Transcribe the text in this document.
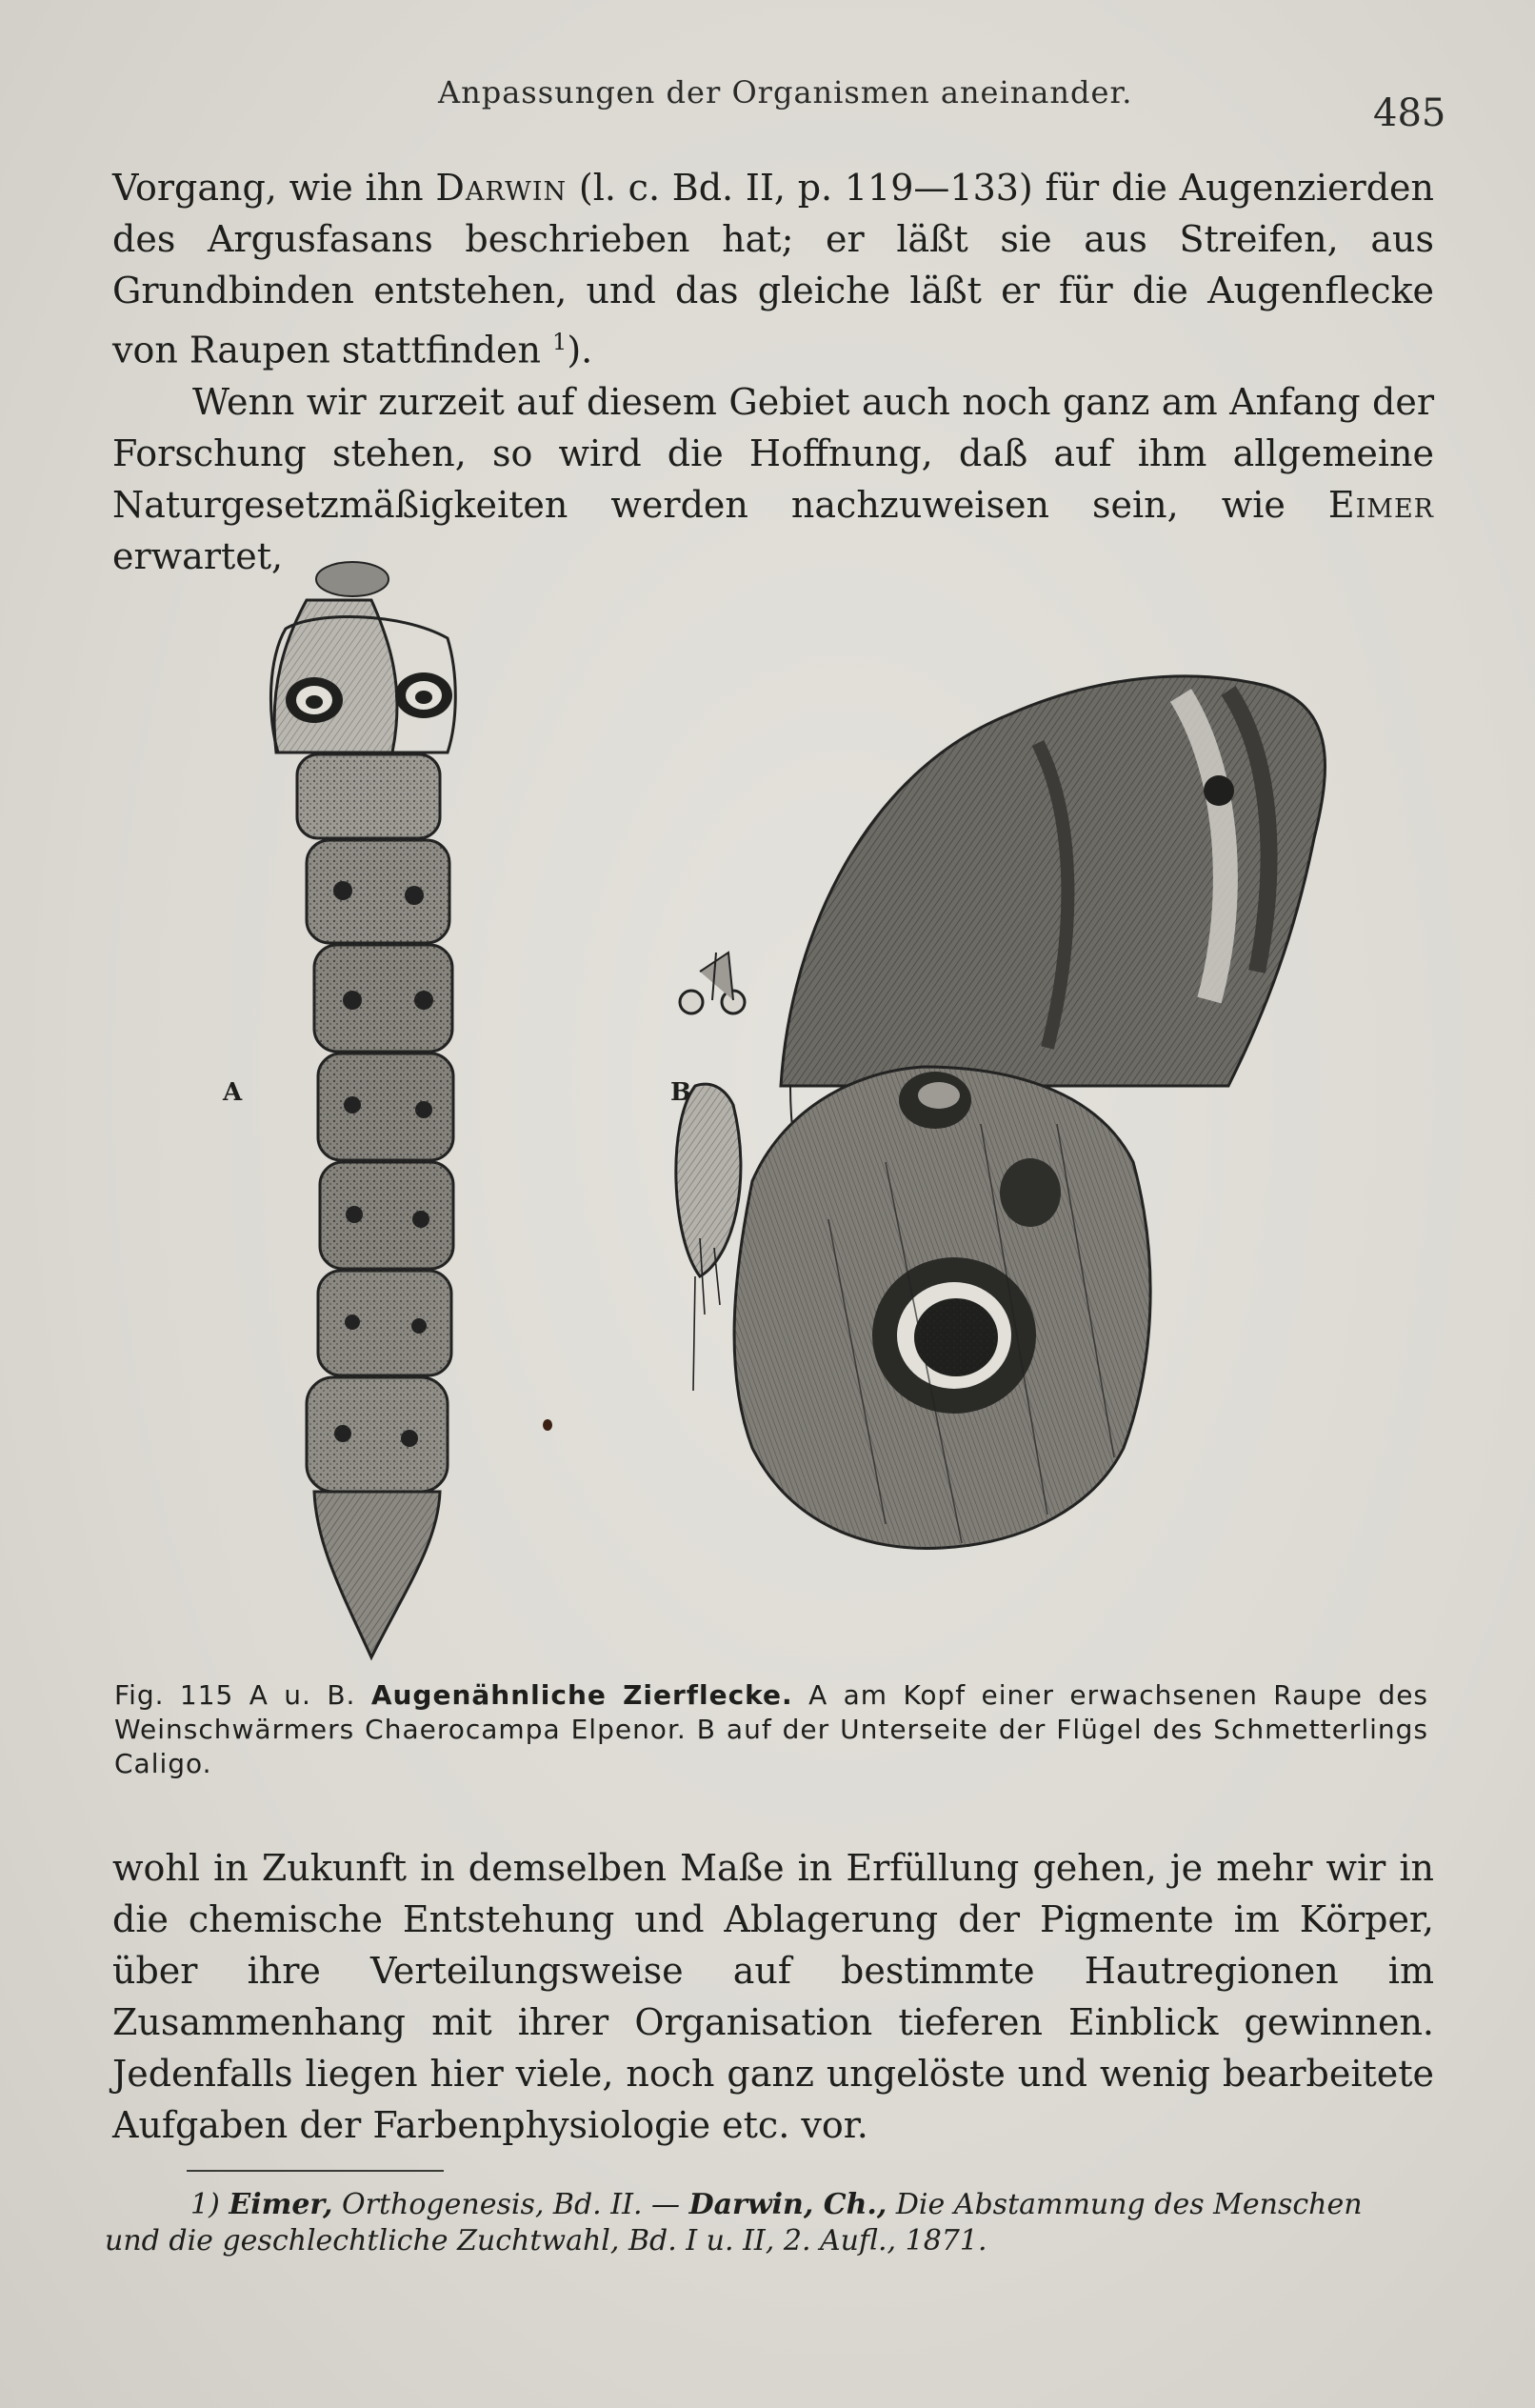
Anpassungen der Organismen aneinander.	485

Vorgang, wie ihn Darwin (l. c. Bd. II, p. 119—133) für die Augenzierden des Argusfasans beschrieben hat; er läßt sie aus Streifen, aus Grundbinden entstehen, und das gleiche läßt er für die Augenflecke von Raupen stattfinden $^1$).

Wenn wir zurzeit auf diesem Gebiet auch noch ganz am Anfang der Forschung stehen, so wird die Hoffnung, daß auf ihm allgemeine Naturgesetzmäßigkeiten werden nachzuweisen sein, wie Eimer erwartet,

A	B

Fig. 115 A u. B. Augenähnliche Zierflecke. A am Kopf einer erwachsenen Raupe des Weinschwärmers Chaerocampa Elpenor. B auf der Unterseite der Flügel des Schmetterlings Caligo.

wohl in Zukunft in demselben Maße in Erfüllung gehen, je mehr wir in die chemische Entstehung und Ablagerung der Pigmente im Körper, über ihre Verteilungsweise auf bestimmte Hautregionen im Zusammenhang mit ihrer Organisation tieferen Einblick gewinnen. Jedenfalls liegen hier viele, noch ganz ungelöste und wenig bearbeitete Aufgaben der Farbenphysiologie etc. vor.

1) Eimer, Orthogenesis, Bd. II. — Darwin, Ch., Die Abstammung des Menschen und die geschlechtliche Zuchtwahl, Bd. I u. II, 2. Aufl., 1871.
